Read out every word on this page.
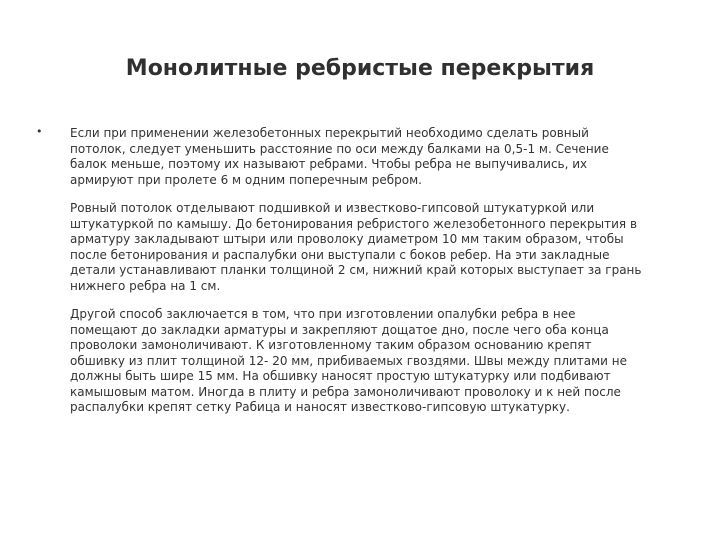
Монолитные ребристые перекрытия
• Если при применении железобетонных перекрытий необходимо сделать ровный
потолок, следует уменьшить расстояние по оси между балками на 0,5-1 м. Сечение
балок меньше, поэтому их называют ребрами. Чтобы ребра не выпучивались, их
армируют при пролете 6 м одним поперечным ребром.

Ровный потолок отделывают подшивкой и известково-гипсовой штукатуркой или
штукатуркой по камышу. До бетонирования ребристого железобетонного перекрытия в
арматуру закладывают штыри или проволоку диаметром 10 мм таким образом, чтобы
после бетонирования и распалубки они выступали с боков ребер. На эти закладные
детали устанавливают планки толщиной 2 см, нижний край которых выступает за грань
нижнего ребра на 1 см.

Другой способ заключается в том, что при изготовлении опалубки ребра в нее
помещают до закладки арматуры и закрепляют дощатое дно, после чего оба конца
проволоки замоноличивают. К изготовленному таким образом основанию крепят
обшивку из плит толщиной 12- 20 мм, прибиваемых гвоздями. Швы между плитами не
должны быть шире 15 мм. На обшивку наносят простую штукатурку или подбивают
камышовым матом. Иногда в плиту и ребра замоноличивают проволоку и к ней после
распалубки крепят сетку Рабица и наносят известково-гипсовую штукатурку.
